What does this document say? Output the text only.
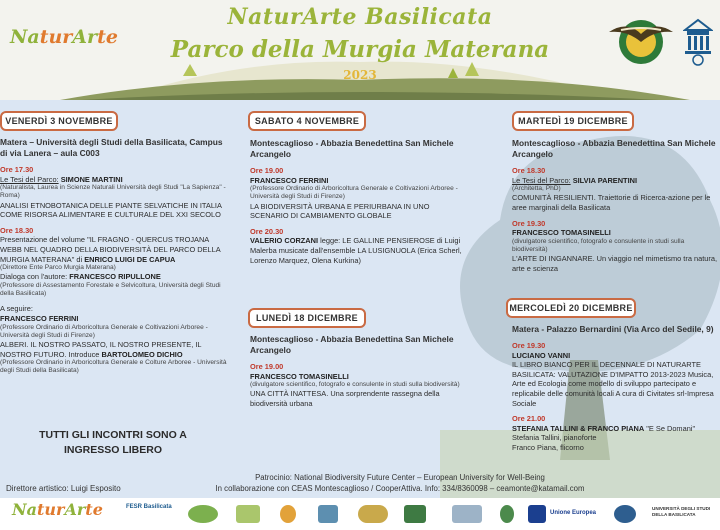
NaturArte
NaturArte Basilicata
Parco della Murgia Materana
2023
VENERDÌ 3 NOVEMBRE

Matera – Università degli Studi della Basilicata, Campus di via Lanera – aula C003

Ore 17.30

Le Tesi del Parco: SIMONE MARTINI

(Naturalista, Laurea in Scienze Naturali Università degli Studi "La Sapienza" - Roma)

ANALISI ETNOBOTANICA DELLE PIANTE SELVATICHE IN ITALIA COME RISORSA ALIMENTARE E CULTURALE DEL XXI SECOLO

Ore 18.30

Presentazione del volume "IL FRAGNO - QUERCUS TROJANA WEBB NEL QUADRO DELLA BIODIVERSITÀ DEL PARCO DELLA MURGIA MATERANA" di ENRICO LUIGI DE CAPUA

(Direttore Ente Parco Murgia Materana)

Dialoga con l'autore: FRANCESCO RIPULLONE

(Professore di Assestamento Forestale e Selvicoltura, Università degli Studi della Basilicata)

A seguire:

FRANCESCO FERRINI

(Professore Ordinario di Arboricoltura Generale e Coltivazioni Arboree - Università degli Studi di Firenze)

ALBERI. IL NOSTRO PASSATO, IL NOSTRO PRESENTE, IL NOSTRO FUTURO. Introduce BARTOLOMEO DICHIO

(Professore Ordinario in Arboricoltura Generale e Colture Arboree - Università degli Studi della Basilicata)

SABATO 4 NOVEMBRE

Montescaglioso - Abbazia Benedettina San Michele Arcangelo

Ore 19.00

FRANCESCO FERRINI

(Professore Ordinario di Arboricoltura Generale e Coltivazioni Arboree - Università degli Studi di Firenze)

LA BIODIVERSITÀ URBANA E PERIURBANA IN UNO SCENARIO DI CAMBIAMENTO GLOBALE

Ore 20.30

VALERIO CORZANI legge: LE GALLINE PENSIEROSE di Luigi Malerba musicate dall'ensemble LA LUSIGNUOLA (Erica Scherl, Lorenzo Marquez, Olena Kurkina)

LUNEDÌ 18 DICEMBRE

Montescaglioso - Abbazia Benedettina San Michele Arcangelo

Ore 19.00

FRANCESCO TOMASINELLI

(divulgatore scientifico, fotografo e consulente in studi sulla biodiversità)

UNA CITTÀ INATTESA. Una sorprendente rassegna della biodiversità urbana

MARTEDÌ 19 DICEMBRE

Montescaglioso - Abbazia Benedettina San Michele Arcangelo

Ore 18.30

Le Tesi del Parco: SILVIA PARENTINI

(Architetta, PhD)

COMUNITÀ RESILIENTI. Traiettorie di Ricerca-azione per le aree marginali della Basilicata

Ore 19.30

FRANCESCO TOMASINELLI

(divulgatore scientifico, fotografo e consulente in studi sulla biodiversità)

L'ARTE DI INGANNARE. Un viaggio nel mimetismo tra natura, arte e scienza

MERCOLEDÌ 20 DICEMBRE

Matera - Palazzo Bernardini (Via Arco del Sedile, 9)

Ore 19.30

LUCIANO VANNI

IL LIBRO BIANCO PER IL DECENNALE DI NATURARTE BASILICATA: VALUTAZIONE D'IMPATTO 2013-2023 Musica, Arte ed Ecologia come modello di sviluppo partecipato e replicabile delle comunità locali A cura di Civitates srl-Impresa Sociale

Ore 21.00

STEFANIA TALLINI & FRANCO PIANA "E Se Domani"

Stefania Tallini, pianoforte

Franco Piana, flicorno

TUTTI GLI INCONTRI SONO A INGRESSO LIBERO

Patrocinio: National Biodiversity Future Center – European University for Well-Being

In collaborazione con CEAS Montescaglioso / CooperAttiva. Info: 334/8360098 – ceamonte@katamail.com

Direttore artistico: Luigi Esposito
NaturArte	FESR Basilicata
Unione Europea
UNIVERSITÀ DEGLI STUDI DELLA BASILICATA
